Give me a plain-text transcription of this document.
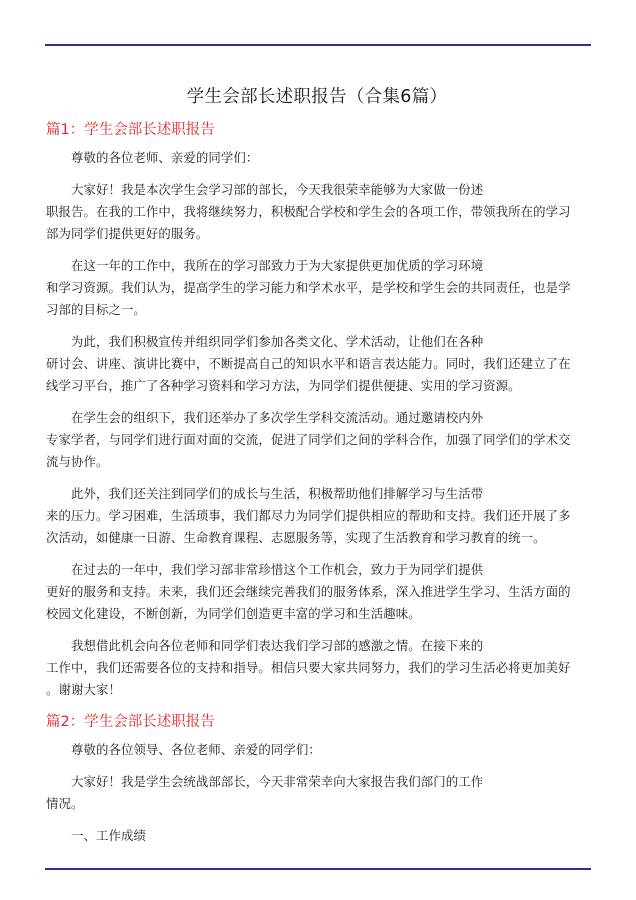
学生会部长述职报告（合集6篇）
篇1：学生会部长述职报告

尊敬的各位老师、亲爱的同学们：

大家好！我是本次学生会学习部的部长，今天我很荣幸能够为大家做一份述
职报告。在我的工作中，我将继续努力，积极配合学校和学生会的各项工作，带领我所在的学习
部为同学们提供更好的服务。

在这一年的工作中，我所在的学习部致力于为大家提供更加优质的学习环境
和学习资源。我们认为，提高学生的学习能力和学术水平，是学校和学生会的共同责任，也是学
习部的目标之一。

为此，我们积极宣传并组织同学们参加各类文化、学术活动，让他们在各种
研讨会、讲座、演讲比赛中，不断提高自己的知识水平和语言表达能力。同时，我们还建立了在
线学习平台，推广了各种学习资料和学习方法，为同学们提供便捷、实用的学习资源。

在学生会的组织下，我们还举办了多次学生学科交流活动。通过邀请校内外
专家学者，与同学们进行面对面的交流，促进了同学们之间的学科合作，加强了同学们的学术交
流与协作。

此外，我们还关注到同学们的成长与生活，积极帮助他们排解学习与生活带
来的压力。学习困难，生活琐事，我们都尽力为同学们提供相应的帮助和支持。我们还开展了多
次活动，如健康一日游、生命教育课程、志愿服务等，实现了生活教育和学习教育的统一。

在过去的一年中，我们学习部非常珍惜这个工作机会，致力于为同学们提供
更好的服务和支持。未来，我们还会继续完善我们的服务体系，深入推进学生学习、生活方面的
校园文化建设，不断创新，为同学们创造更丰富的学习和生活趣味。

我想借此机会向各位老师和同学们表达我们学习部的感激之情。在接下来的
工作中，我们还需要各位的支持和指导。相信只要大家共同努力，我们的学习生活必将更加美好
。谢谢大家！

篇2：学生会部长述职报告

尊敬的各位领导、各位老师、亲爱的同学们：

大家好！我是学生会统战部部长，今天非常荣幸向大家报告我们部门的工作
情况。

一、工作成绩
